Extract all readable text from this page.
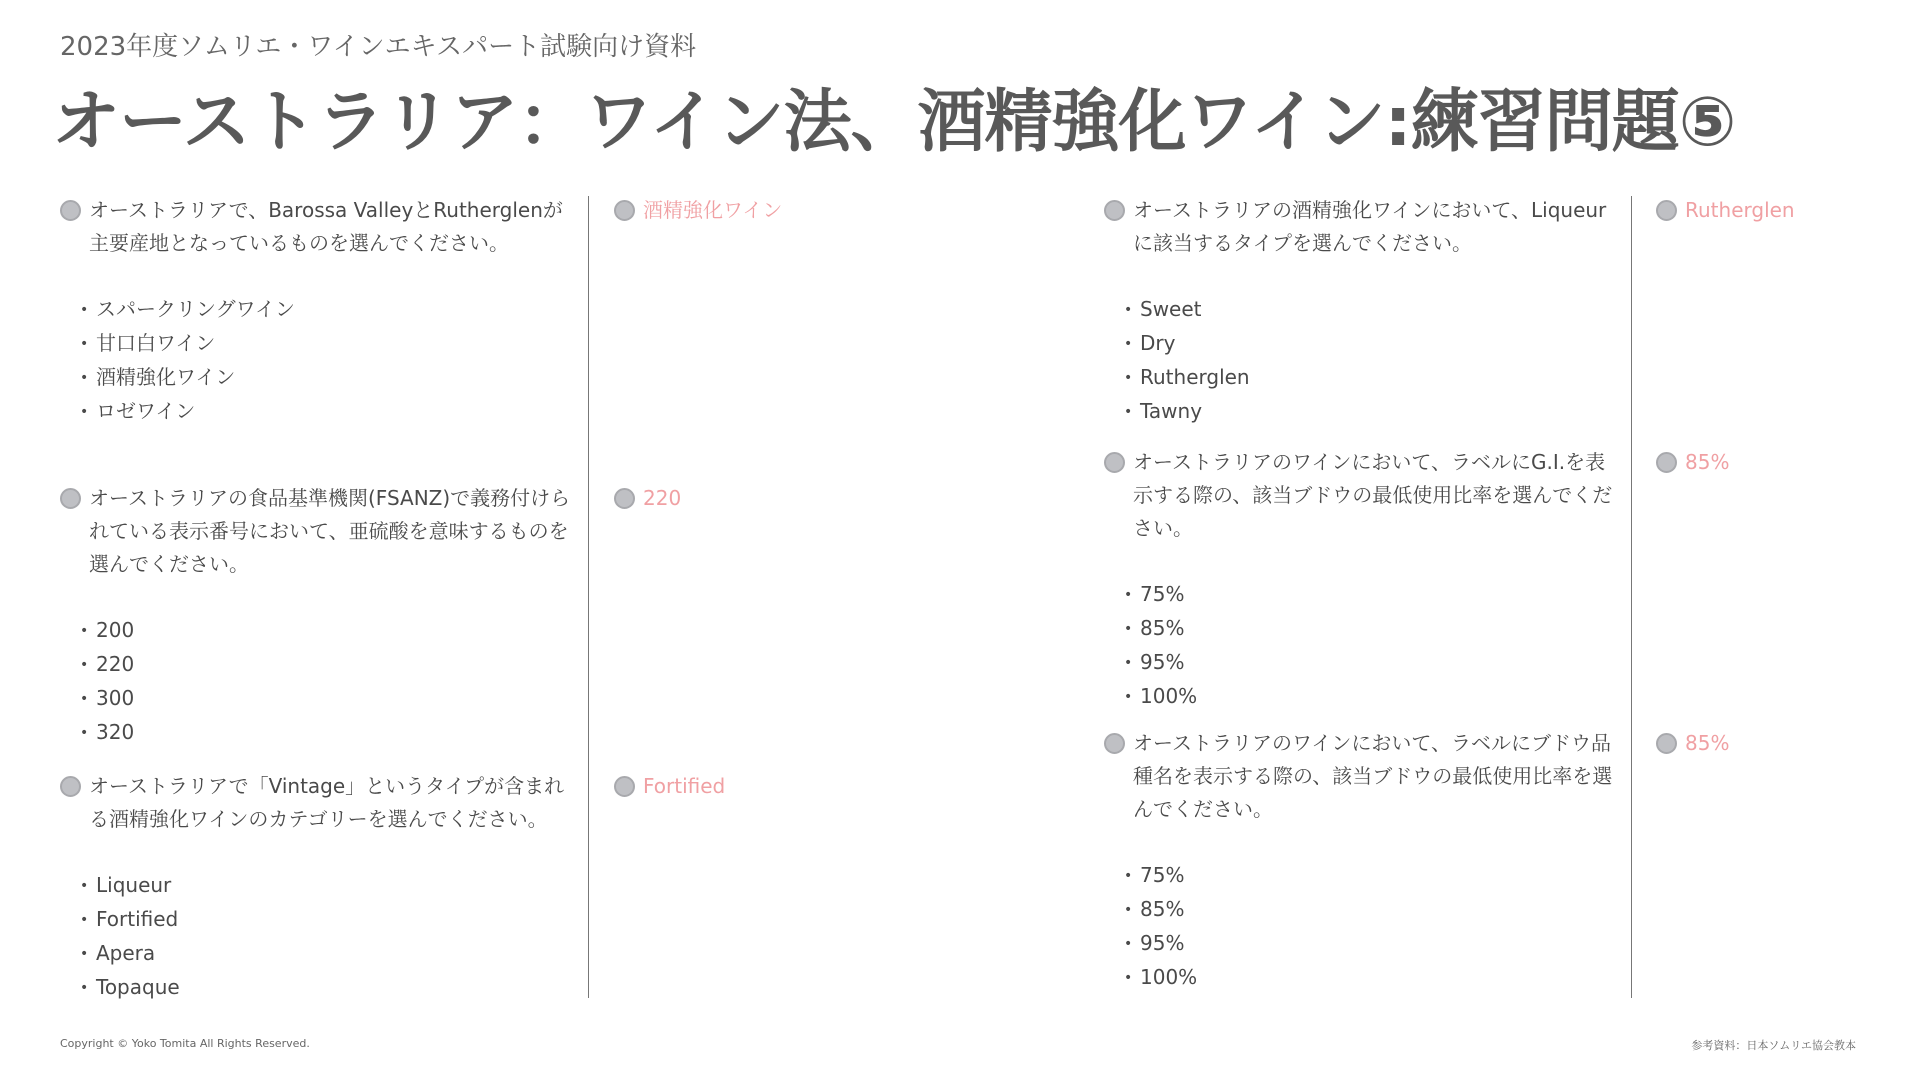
2023年度ソムリエ・ワインエキスパート試験向け資料
オーストラリア：ワイン法、酒精強化ワイン:練習問題⑤
オーストラリアで、Barossa ValleyとRutherglenが主要産地となっているものを選んでください。
• スパークリングワイン
• 甘口白ワイン
• 酒精強化ワイン
• ロゼワイン
酒精強化ワイン
オーストラリアの食品基準機関(FSANZ)で義務付けられている表示番号において、亜硫酸を意味するものを選んでください。
• 200
• 220
• 300
• 320
220
オーストラリアで「Vintage」というタイプが含まれる酒精強化ワインのカテゴリーを選んでください。
• Liqueur
• Fortified
• Apera
• Topaque
Fortified
オーストラリアの酒精強化ワインにおいて、Liqueurに該当するタイプを選んでください。
• Sweet
• Dry
• Rutherglen
• Tawny
Rutherglen
オーストラリアのワインにおいて、ラベルにG.I.を表示する際の、該当ブドウの最低使用比率を選んでください。
• 75%
• 85%
• 95%
• 100%
85%
オーストラリアのワインにおいて、ラベルにブドウ品種名を表示する際の、該当ブドウの最低使用比率を選んでください。
• 75%
• 85%
• 95%
• 100%
85%
Copyright © Yoko Tomita All Rights Reserved.	参考資料：日本ソムリエ協会教本
